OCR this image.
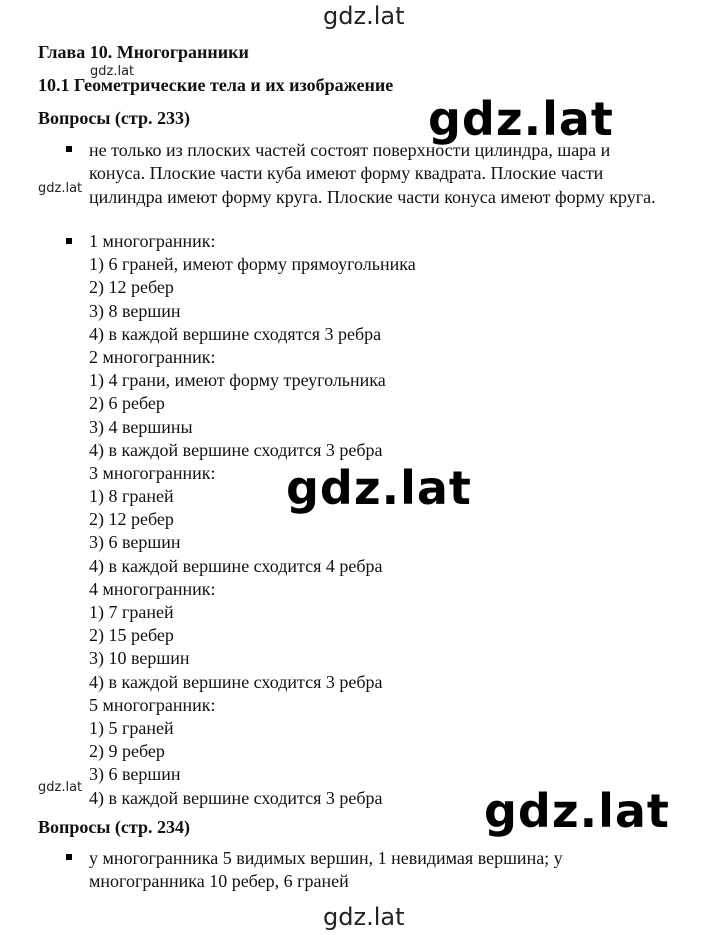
gdz.lat
Глава 10. Многогранники
10.1 Геометрические тела и их изображение
gdz.lat
gdz.lat
Вопросы (стр. 233)
не только из плоских частей состоят поверхности цилиндра, шара и конуса. Плоские части куба имеют форму квадрата. Плоские части цилиндра имеют форму круга. Плоские части конуса имеют форму круга.
gdz.lat
1 многогранник:
1) 6 граней, имеют форму прямоугольника
2) 12 ребер
3) 8 вершин
4) в каждой вершине сходятся 3 ребра
2 многогранник:
1) 4 грани, имеют форму треугольника
2) 6 ребер
3) 4 вершины
4) в каждой вершине сходится 3 ребра
3 многогранник:
1) 8 граней
2) 12 ребер
3) 6 вершин
4) в каждой вершине сходится 4 ребра
4 многогранник:
1) 7 граней
2) 15 ребер
3) 10 вершин
4) в каждой вершине сходится 3 ребра
5 многогранник:
1) 5 граней
2) 9 ребер
3) 6 вершин
4) в каждой вершине сходится 3 ребра
gdz.lat
gdz.lat	gdz.lat
Вопросы (стр. 234)
у многогранника 5 видимых вершин, 1 невидимая вершина; у многогранника 10 ребер, 6 граней
gdz.lat
